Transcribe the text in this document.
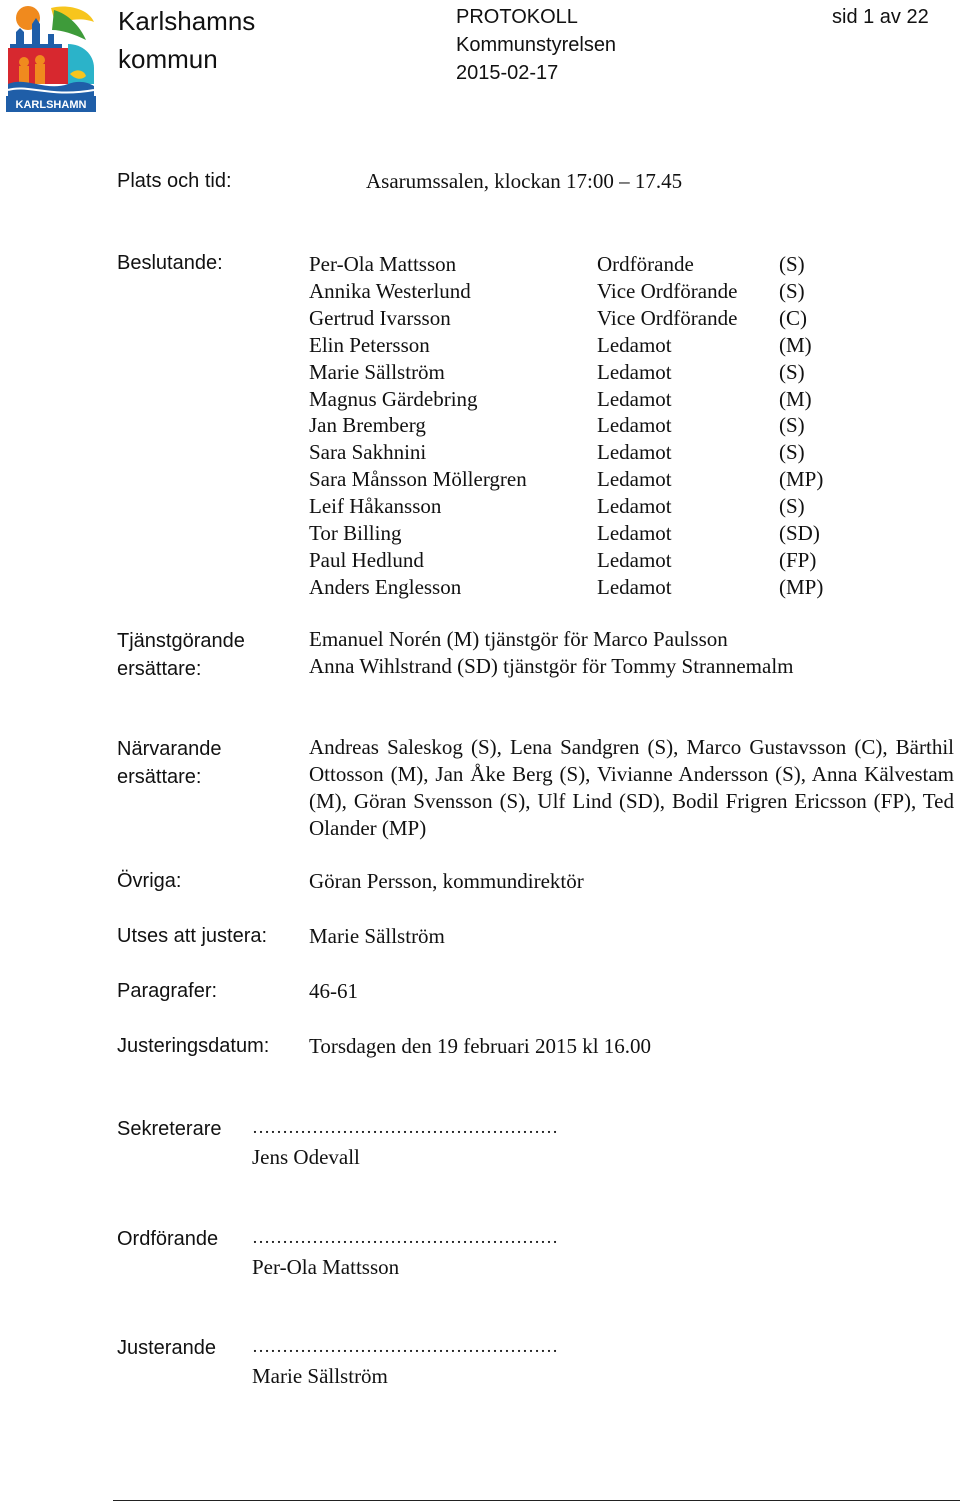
KARLSHAMN
Karlshamns
kommun
PROTOKOLL
Kommunstyrelsen
2015-02-17
sid 1 av 22
Plats och tid:	Asarumssalen, klockan 17:00 – 17.45
Beslutande:	Per-Ola Mattsson	Ordförande	(S)
Annika Westerlund	Vice Ordförande (S)
Gertrud Ivarsson	Vice Ordförande (C)
Elin Petersson	Ledamot	(M)
Marie Sällström	Ledamot	(S)
Magnus Gärdebring	Ledamot	(M)
Jan Bremberg	Ledamot	(S)
Sara Sakhnini	Ledamot	(S)
Sara Månsson Möllergren	Ledamot	(MP)
Leif Håkansson	Ledamot	(S)
Tor Billing	Ledamot	(SD)
Paul Hedlund	Ledamot	(FP)
Anders Englesson	Ledamot	(MP)
Tjänstgörande
ersättare:
Emanuel Norén (M) tjänstgör för Marco Paulsson
Anna Wihlstrand (SD) tjänstgör för Tommy Strannemalm
Närvarande
ersättare:
Andreas Saleskog (S), Lena Sandgren (S), Marco Gustavsson (C), Bärthil Ottosson (M), Jan Åke Berg (S), Vivianne Andersson (S), Anna Kälvestam (M), Göran Svensson (S), Ulf Lind (SD), Bodil Frigren Ericsson (FP), Ted Olander (MP)
Övriga:	Göran Persson, kommundirektör
Utses att justera: Marie Sällström
Paragrafer:	46-61
Justeringsdatum: Torsdagen den 19 februari 2015 kl 16.00
Sekreterare ……………………………………………
Jens Odevall
Ordförande ……………………………………………
Per-Ola Mattsson
Justerande ……………………………………………
Marie Sällström
